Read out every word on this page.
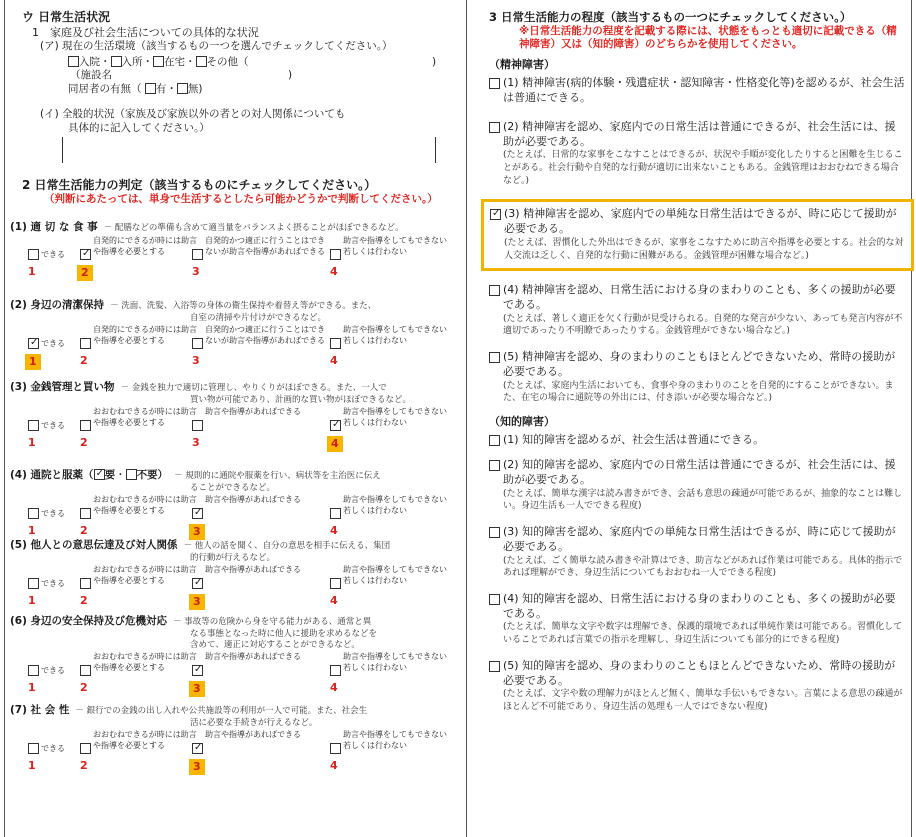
ウ 日常生活状況
1　家庭及び社会生活についての具体的な状況
(ア) 現在の生活環境（該当するもの一つを選んでチェックしてください。）
入院・ 入所・ 在宅・ その他（	)
（施設名	)
同居者の有無（ 有・ 無)
(イ) 全般的状況（家族及び家族以外の者との対人関係についても
具体的に記入してください。）
2 日常生活能力の判定（該当するものにチェックしてください。）
（判断にあたっては、単身で生活するとしたら可能かどうかで判断してください。）
(1) 適 切 な 食 事 － 配膳などの準備も含めて適当量をバランスよく摂ることがほぼできるなど。
できる
1
✓
自発的にできるが時には助言や指導を必要とする
2
自発的かつ適正に行うことはできないが助言や指導があればできる
3
助言や指導をしてもできない若しくは行わない
4
(2) 身辺の清潔保持 － 洗面、洗髪、入浴等の身体の衛生保持や着替え等ができる。また、
自室の清掃や片付けができるなど。
✓
できる
1
自発的にできるが時には助言や指導を必要とする
2
自発的かつ適正に行うことはできないが助言や指導があればできる
3
助言や指導をしてもできない若しくは行わない
4
(3) 金銭管理と買い物 － 金銭を独力で適切に管理し、やりくりがほぼできる。また、一人で
買い物が可能であり、計画的な買い物がほぼできるなど。
できる
1
おおむねできるが時には助言や指導を必要とする
2
助言や指導があればできる
3
✓
助言や指導をしてもできない若しくは行わない
4
(4) 通院と服薬（✓ 要・ 不要） － 規則的に通院や服薬を行い、病状等を主治医に伝え
ることができるなど。
できる
1
おおむねできるが時には助言や指導を必要とする
2
✓
助言や指導があればできる
3
助言や指導をしてもできない若しくは行わない
4
(5) 他人との意思伝達及び対人関係 － 他人の話を聞く、自分の意思を相手に伝える、集団
的行動が行えるなど。
できる
1
おおむねできるが時には助言や指導を必要とする
2
✓
助言や指導があればできる
3
助言や指導をしてもできない若しくは行わない
4
(6) 身辺の安全保持及び危機対応 － 事故等の危険から身を守る能力がある、通常と異
なる事態となった時に他人に援助を求めるなどを
含めて、適正に対応することができるなど。
できる
1
おおむねできるが時には助言や指導を必要とする
2
✓
助言や指導があればできる
3
助言や指導をしてもできない若しくは行わない
4
(7) 社 会 性 － 銀行での金銭の出し入れや公共施設等の利用が一人で可能。また、社会生
活に必要な手続きが行えるなど。
できる
1
おおむねできるが時には助言や指導を必要とする
2
✓
助言や指導があればできる
3
助言や指導をしてもできない若しくは行わない
4
3 日常生活能力の程度（該当するもの一つにチェックしてください。）
※日常生活能力の程度を記載する際には、状態をもっとも適切に記載できる（精神障害）又は（知的障害）のどちらかを使用してください。
（精神障害）
(1) 精神障害(病的体験・残遺症状・認知障害・性格変化等)を認めるが、社会生活は普通にできる。
(2) 精神障害を認め、家庭内での日常生活は普通にできるが、社会生活には、援助が必要である。
(たとえば、日常的な家事をこなすことはできるが、状況や手順が変化したりすると困難を生じることがある。社会行動や自発的な行動が適切に出来ないこともある。金銭管理はおおむねできる場合など。)
✓
(3) 精神障害を認め、家庭内での単純な日常生活はできるが、時に応じて援助が必要である。
(たとえば、習慣化した外出はできるが、家事をこなすために助言や指導を必要とする。社会的な対人交流は乏しく、自発的な行動に困難がある。金銭管理が困難な場合など。)
(4) 精神障害を認め、日常生活における身のまわりのことも、多くの援助が必要である。
(たとえば、著しく適正を欠く行動が見受けられる。自発的な発言が少ない、あっても発言内容が不適切であったり不明瞭であったりする。金銭管理ができない場合など。)
(5) 精神障害を認め、身のまわりのこともほとんどできないため、常時の援助が必要である。
(たとえば、家庭内生活においても、食事や身のまわりのことを自発的にすることができない。また、在宅の場合に通院等の外出には、付き添いが必要な場合など。)
（知的障害）
(1) 知的障害を認めるが、社会生活は普通にできる。
(2) 知的障害を認め、家庭内での日常生活は普通にできるが、社会生活には、援助が必要である。
(たとえば、簡単な漢字は読み書きができ、会話も意思の疎通が可能であるが、抽象的なことは難しい。身辺生活も一人でできる程度)
(3) 知的障害を認め、家庭内での単純な日常生活はできるが、時に応じて援助が必要である。
(たとえば、ごく簡単な読み書きや計算はでき、助言などがあれば作業は可能である。具体的指示であれば理解ができ、身辺生活についてもおおむね一人でできる程度)
(4) 知的障害を認め、日常生活における身のまわりのことも、多くの援助が必要である。
(たとえば、簡単な文字や数字は理解でき、保護的環境であれば単純作業は可能である。習慣化していることであれば言葉での指示を理解し、身辺生活についても部分的にできる程度)
(5) 知的障害を認め、身のまわりのこともほとんどできないため、常時の援助が必要である。
(たとえば、文字や数の理解力がほとんど無く、簡単な手伝いもできない。言葉による意思の疎通がほとんど不可能であり、身辺生活の処理も一人ではできない程度)
